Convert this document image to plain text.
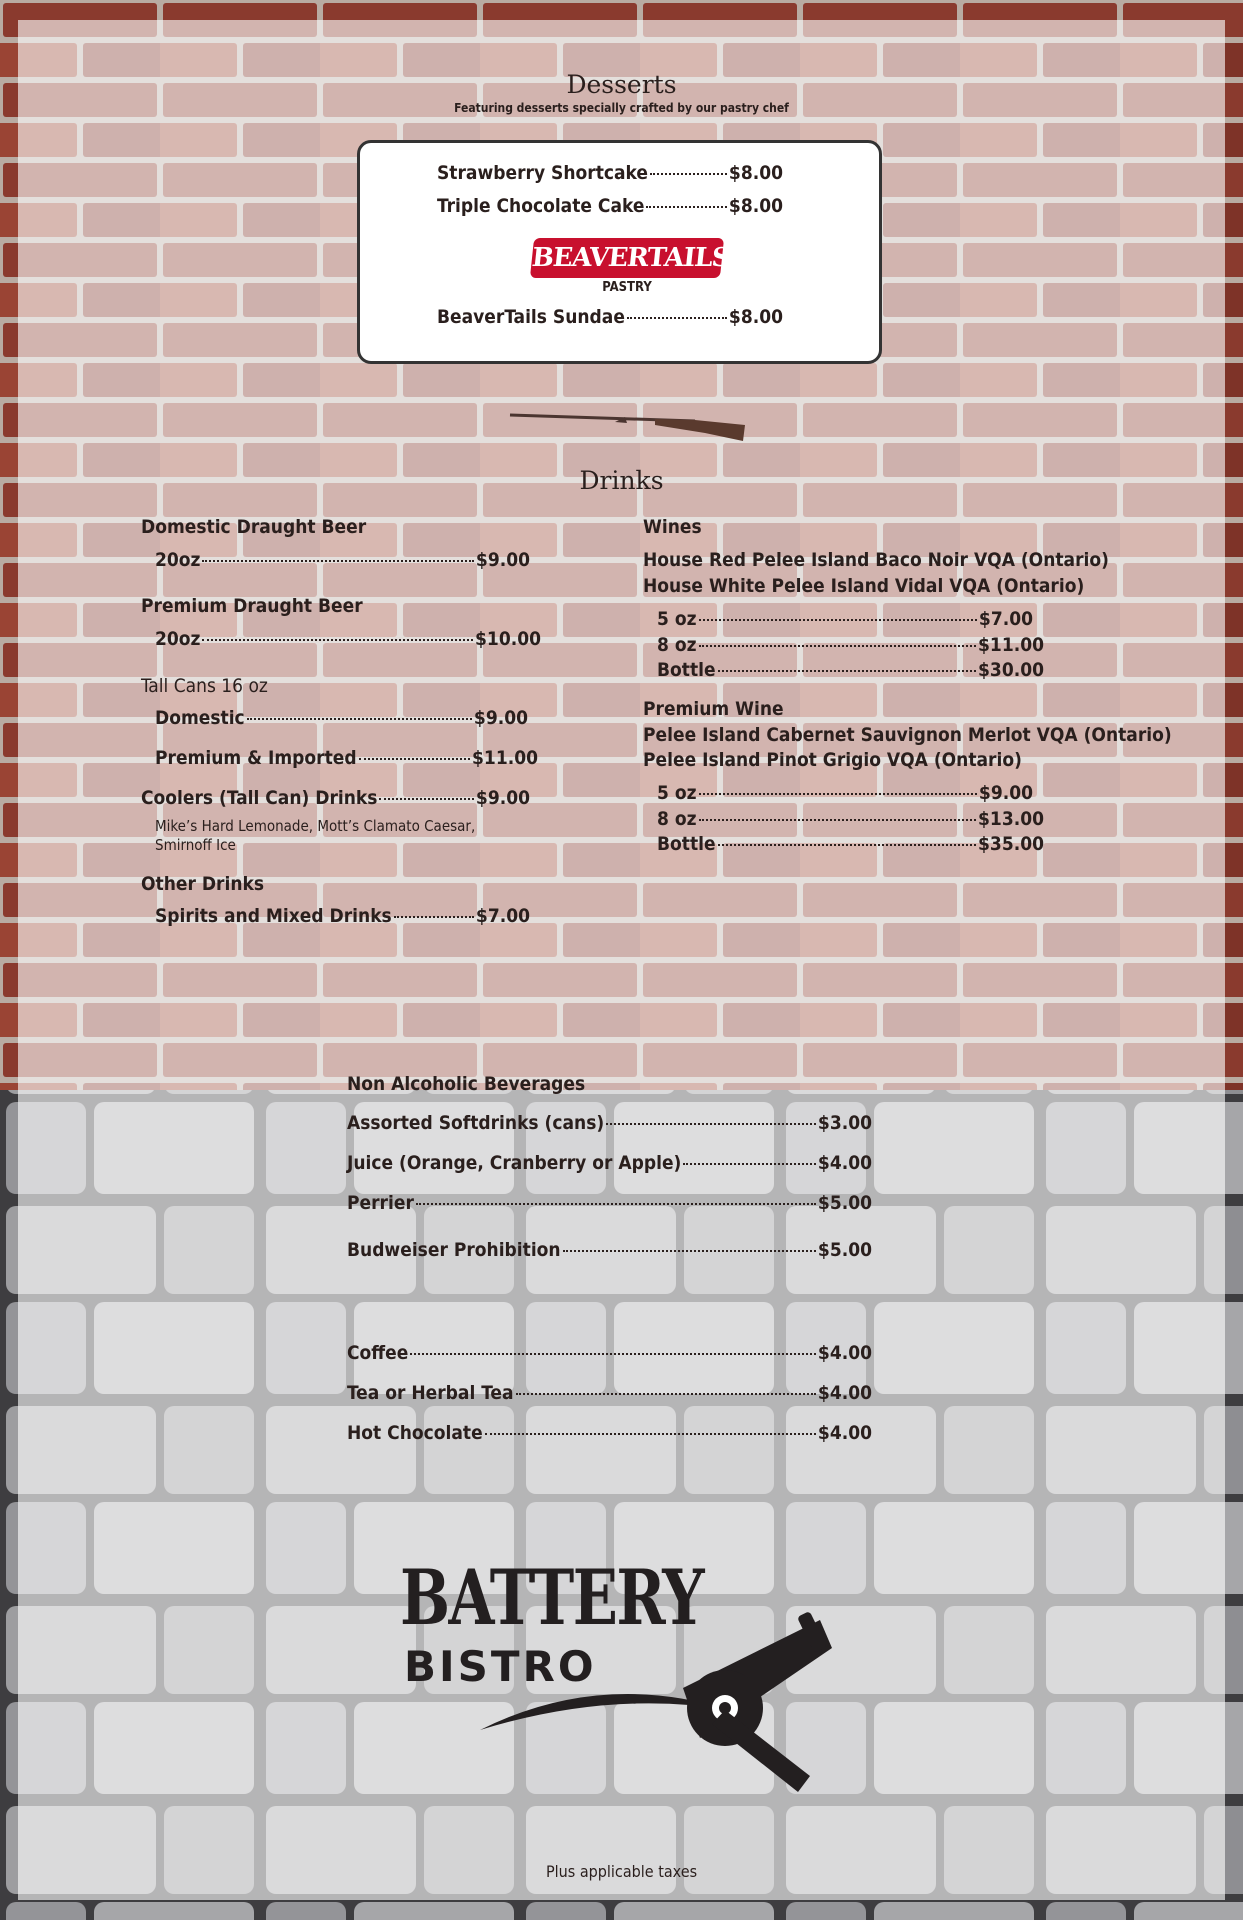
Desserts
Featuring desserts specially crafted by our pastry chef
Strawberry Shortcake	$8.00
Triple Chocolate Cake	$8.00
BEAVERTAILS
PASTRY
BeaverTails Sundae	$8.00
Drinks
Domestic Draught Beer
20oz	$9.00
Premium Draught Beer
20oz	$10.00
Tall Cans 16 oz
Domestic	$9.00
Premium & Imported	$11.00
Coolers (Tall Can) Drinks	$9.00
Mike’s Hard Lemonade, Mott’s Clamato Caesar,
Smirnoff Ice
Other Drinks
Spirits and Mixed Drinks	$7.00
Wines
House Red Pelee Island Baco Noir VQA (Ontario)
House White Pelee Island Vidal VQA (Ontario)
5 oz	$7.00
8 oz	$11.00
Bottle	$30.00
Premium Wine
Pelee Island Cabernet Sauvignon Merlot VQA (Ontario)
Pelee Island Pinot Grigio VQA (Ontario)
5 oz	$9.00
8 oz	$13.00
Bottle	$35.00
Non Alcoholic Beverages
Assorted Softdrinks (cans)	$3.00
Juice (Orange, Cranberry or Apple)	$4.00
Perrier	$5.00
Budweiser Prohibition	$5.00
Coffee	$4.00
Tea or Herbal Tea	$4.00
Hot Chocolate	$4.00
BATTERY
BISTRO
Plus applicable taxes
